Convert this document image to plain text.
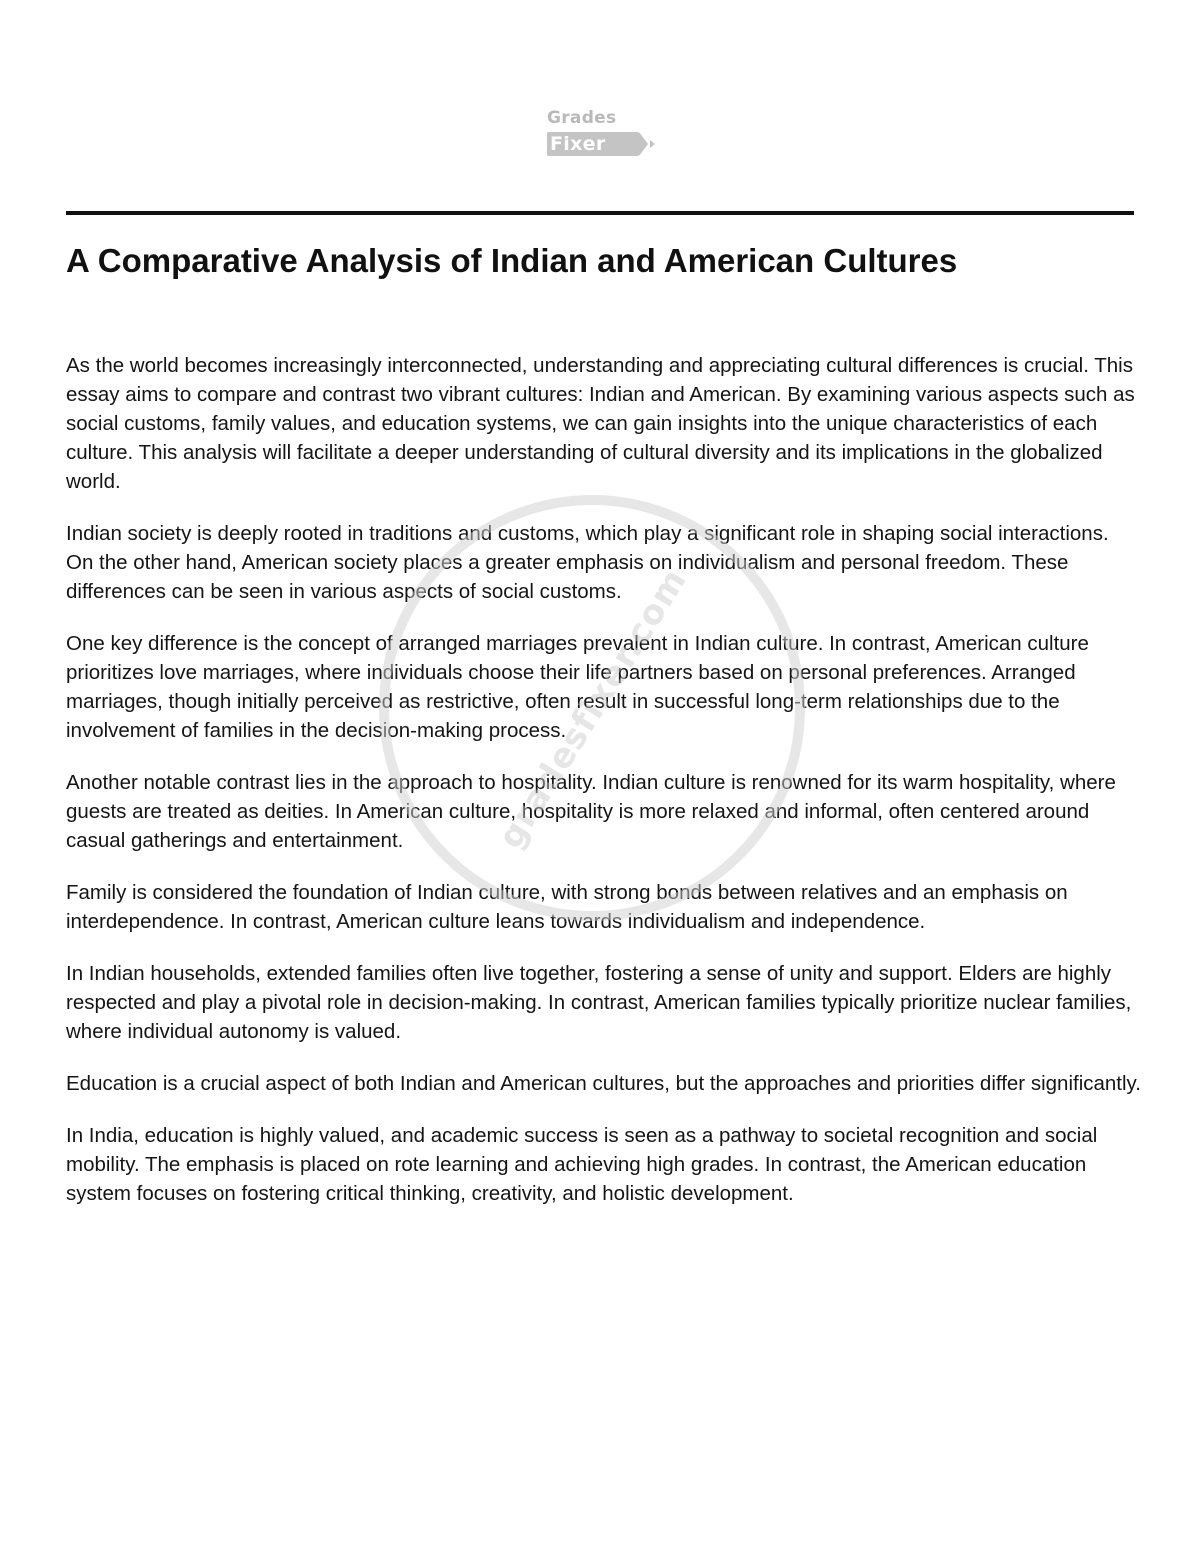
Grades
Fixer
A Comparative Analysis of Indian and American Cultures

As the world becomes increasingly interconnected, understanding and appreciating cultural differences is crucial. This essay aims to compare and contrast two vibrant cultures: Indian and American. By examining various aspects such as social customs, family values, and education systems, we can gain insights into the unique characteristics of each culture. This analysis will facilitate a deeper understanding of cultural diversity and its implications in the globalized world.

Indian society is deeply rooted in traditions and customs, which play a significant role in shaping social interactions. On the other hand, American society places a greater emphasis on individualism and personal freedom. These differences can be seen in various aspects of social customs.

One key difference is the concept of arranged marriages prevalent in Indian culture. In contrast, American culture prioritizes love marriages, where individuals choose their life partners based on personal preferences. Arranged marriages, though initially perceived as restrictive, often result in successful long-term relationships due to the involvement of families in the decision-making process.

Another notable contrast lies in the approach to hospitality. Indian culture is renowned for its warm hospitality, where guests are treated as deities. In American culture, hospitality is more relaxed and informal, often centered around casual gatherings and entertainment.

Family is considered the foundation of Indian culture, with strong bonds between relatives and an emphasis on interdependence. In contrast, American culture leans towards individualism and independence.

In Indian households, extended families often live together, fostering a sense of unity and support. Elders are highly respected and play a pivotal role in decision-making. In contrast, American families typically prioritize nuclear families, where individual autonomy is valued.

Education is a crucial aspect of both Indian and American cultures, but the approaches and priorities differ significantly.

In India, education is highly valued, and academic success is seen as a pathway to societal recognition and social mobility. The emphasis is placed on rote learning and achieving high grades. In contrast, the American education system focuses on fostering critical thinking, creativity, and holistic development.

gradesfixer.com
